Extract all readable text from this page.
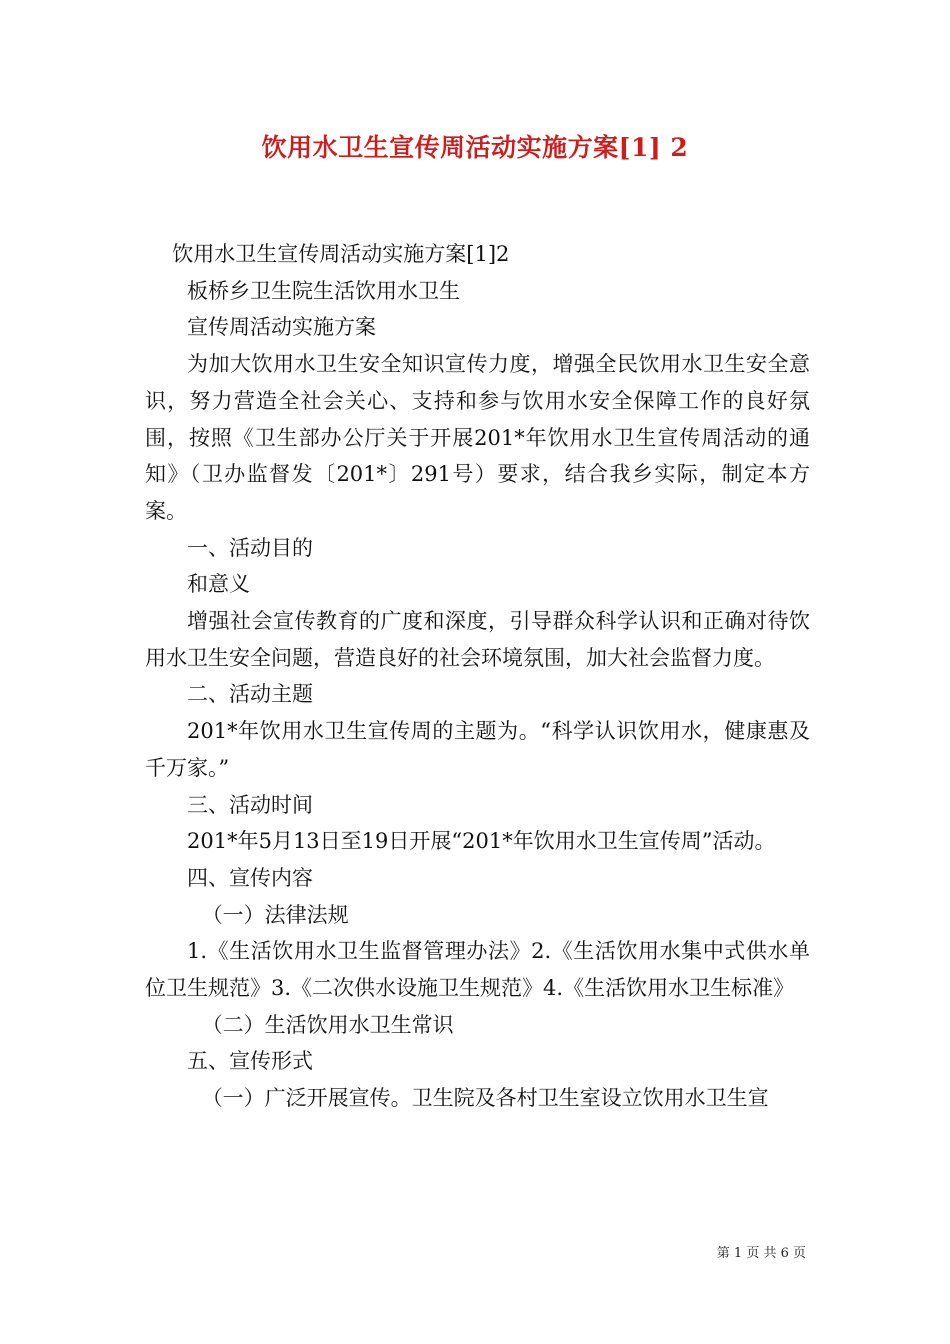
饮用水卫生宣传周活动实施方案[1] 2

饮用水卫生宣传周活动实施方案[1]2

板桥乡卫生院生活饮用水卫生

宣传周活动实施方案

为加大饮用水卫生安全知识宣传力度，增强全民饮用水卫生安全意识，努力营造全社会关心、支持和参与饮用水安全保障工作的良好氛围，按照《卫生部办公厅关于开展201*年饮用水卫生宣传周活动的通知》（卫办监督发〔201*〕291号）要求，结合我乡实际，制定本方案。

一、活动目的

和意义

增强社会宣传教育的广度和深度，引导群众科学认识和正确对待饮用水卫生安全问题，营造良好的社会环境氛围，加大社会监督力度。

二、活动主题

201*年饮用水卫生宣传周的主题为。“科学认识饮用水，健康惠及千万家。”

三、活动时间

201*年5月13日至19日开展“201*年饮用水卫生宣传周”活动。

四、宣传内容

（一）法律法规

1.《生活饮用水卫生监督管理办法》2.《生活饮用水集中式供水单位卫生规范》3.《二次供水设施卫生规范》4.《生活饮用水卫生标准》

（二）生活饮用水卫生常识

五、宣传形式

（一）广泛开展宣传。卫生院及各村卫生室设立饮用水卫生宣

第 1 页 共 6 页
